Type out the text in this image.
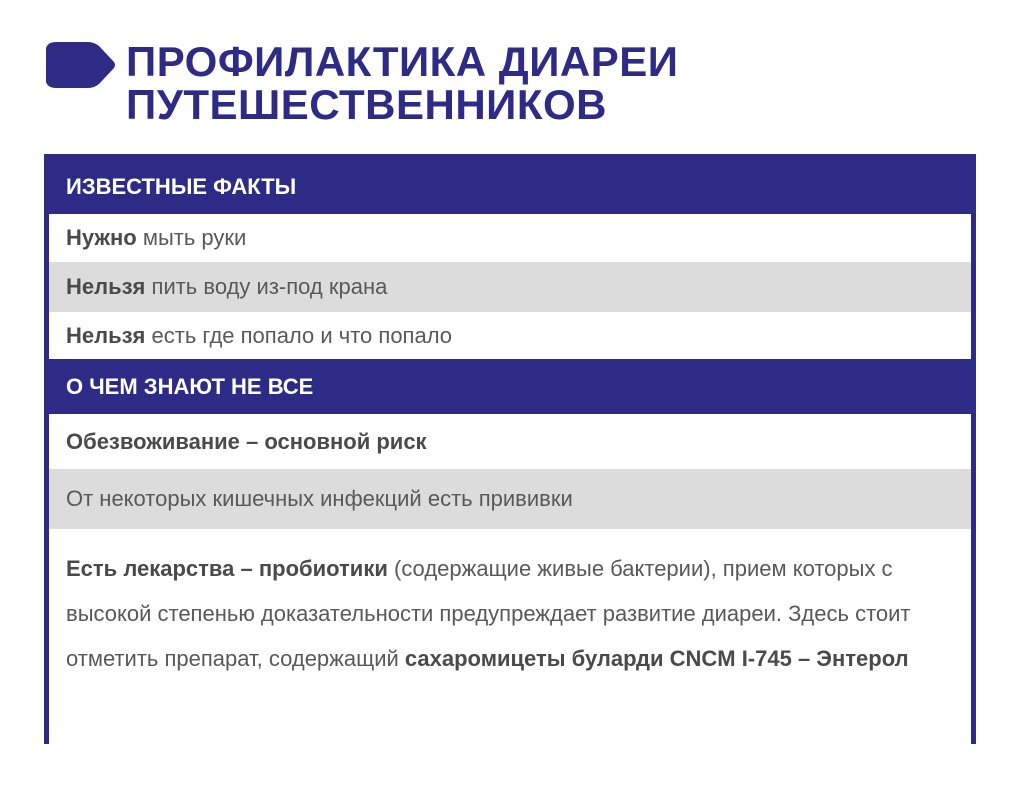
ПРОФИЛАКТИКА ДИАРЕИ
ПУТЕШЕСТВЕННИКОВ
ИЗВЕСТНЫЕ ФАКТЫ
Нужно
мыть руки
Нельзя
пить воду из-под крана
Нельзя
есть где попало и что попало
О ЧЕМ ЗНАЮТ НЕ ВСЕ
Обезвоживание – основной риск
От некоторых кишечных инфекций есть прививки
Есть лекарства – пробиотики (содержащие живые бактерии), прием которых с высокой степенью доказательности предупреждает развитие диареи. Здесь стоит отметить препарат, содержащий сахаромицеты буларди CNCM I-745 – Энтерол
